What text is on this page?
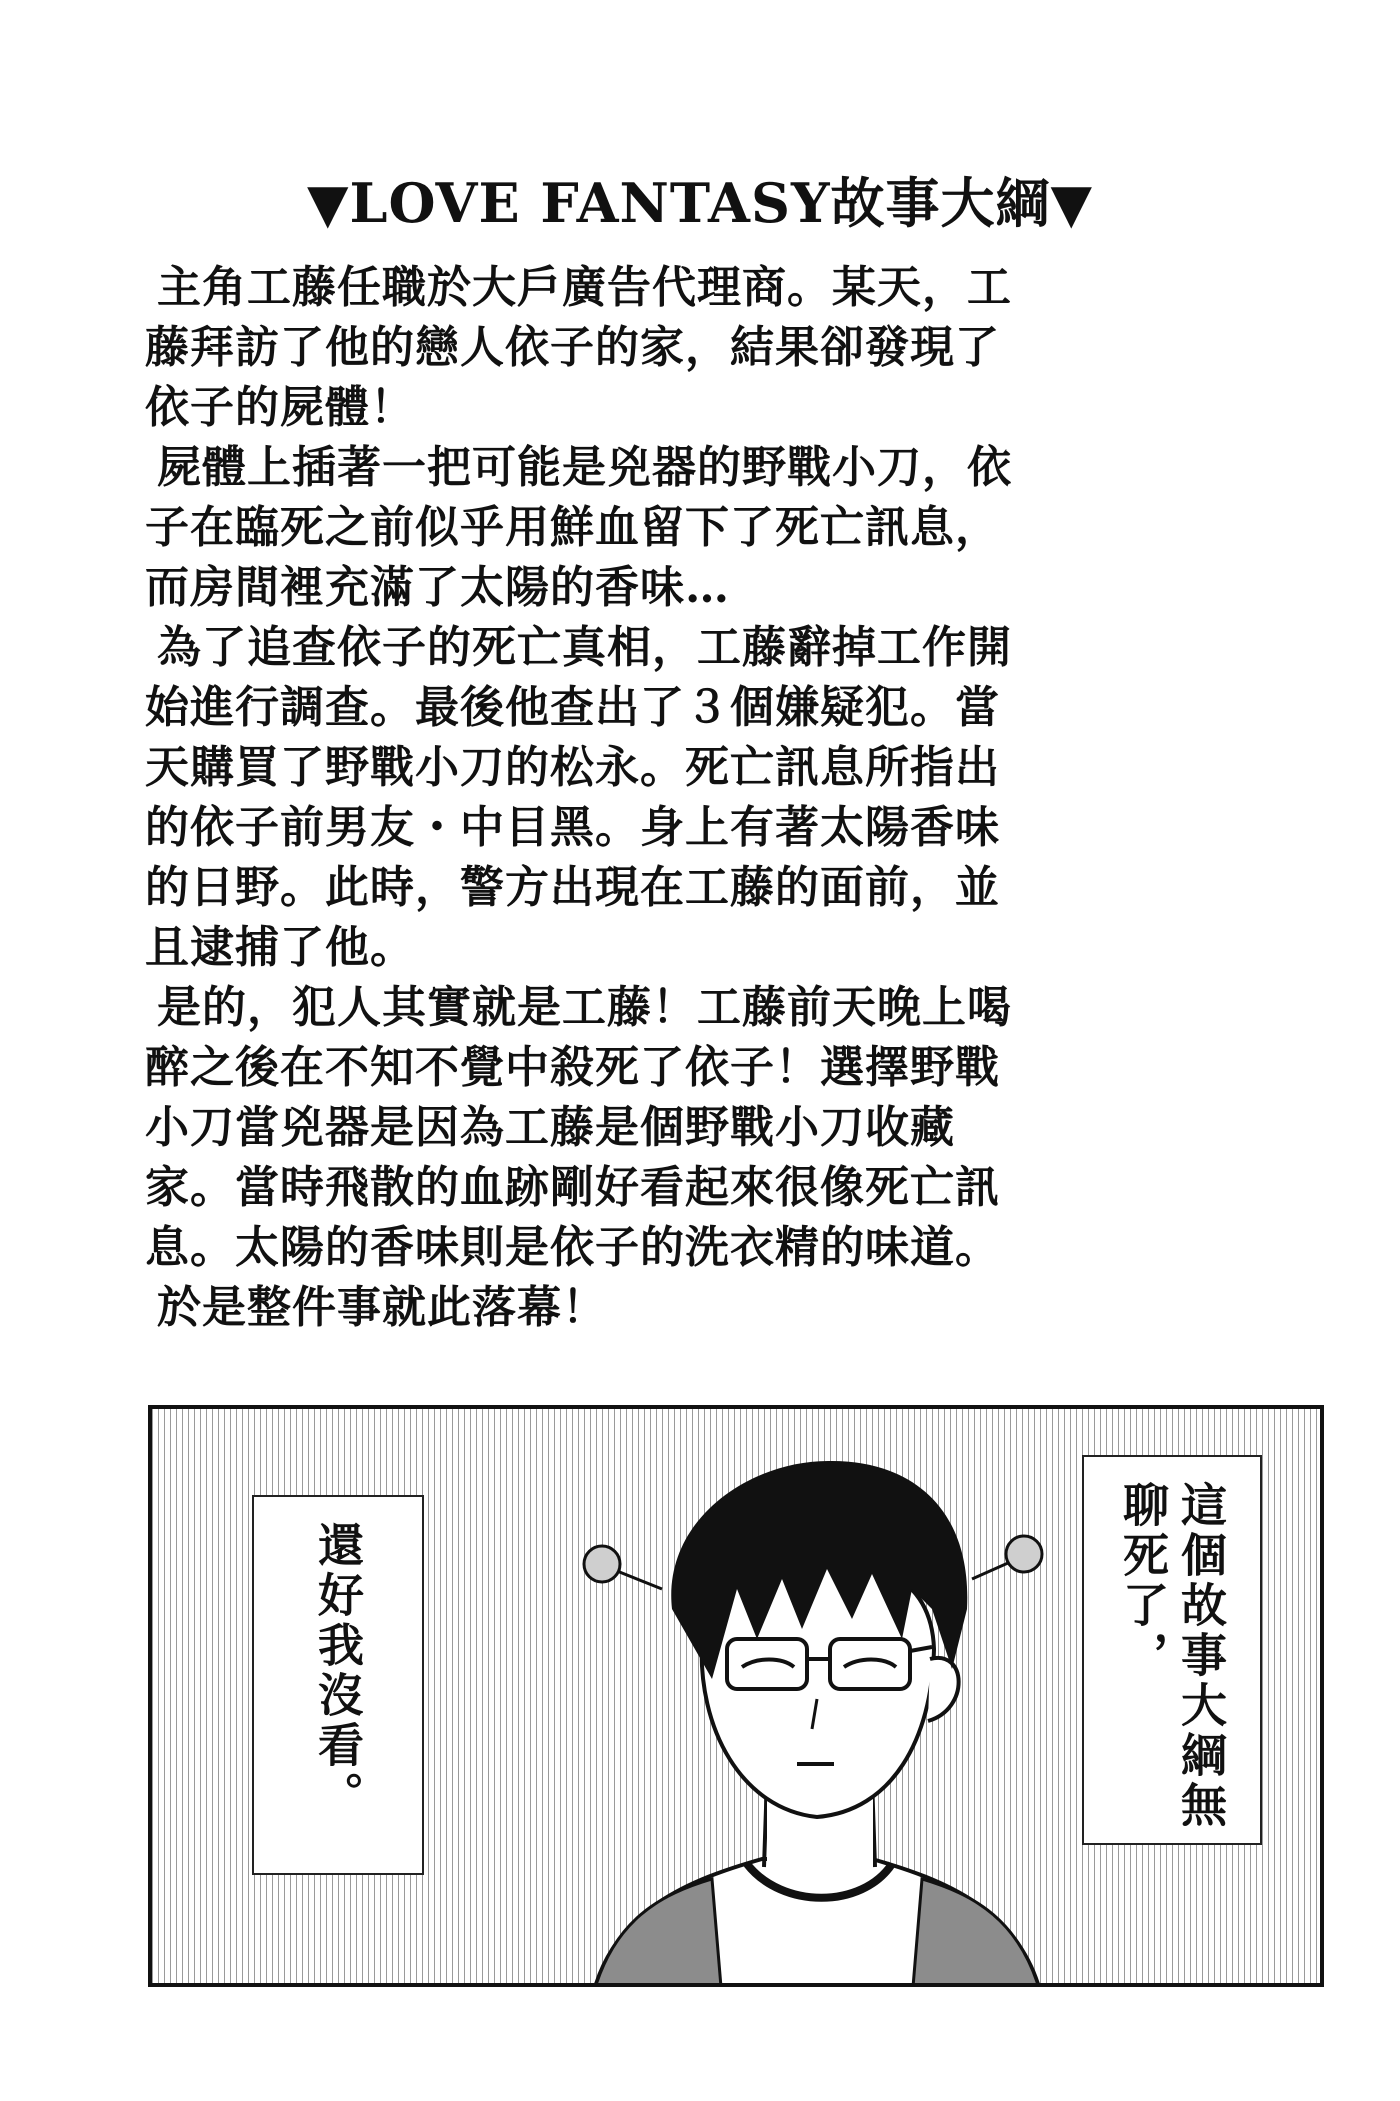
▼LOVE FANTASY故事大綱▼

主角工藤任職於大戶廣告代理商。某天，工藤拜訪了他的戀人依子的家，結果卻發現了依子的屍體！

屍體上插著一把可能是兇器的野戰小刀，依子在臨死之前似乎用鮮血留下了死亡訊息，而房間裡充滿了太陽的香味…

為了追查依子的死亡真相，工藤辭掉工作開始進行調查。最後他查出了３個嫌疑犯。當天購買了野戰小刀的松永。死亡訊息所指出的依子前男友・中目黑。身上有著太陽香味的日野。此時，警方出現在工藤的面前，並且逮捕了他。

是的，犯人其實就是工藤！工藤前天晚上喝醉之後在不知不覺中殺死了依子！選擇野戰小刀當兇器是因為工藤是個野戰小刀收藏家。當時飛散的血跡剛好看起來很像死亡訊息。太陽的香味則是依子的洗衣精的味道。

於是整件事就此落幕！

還好我沒看。	這個故事大綱無聊死了，
